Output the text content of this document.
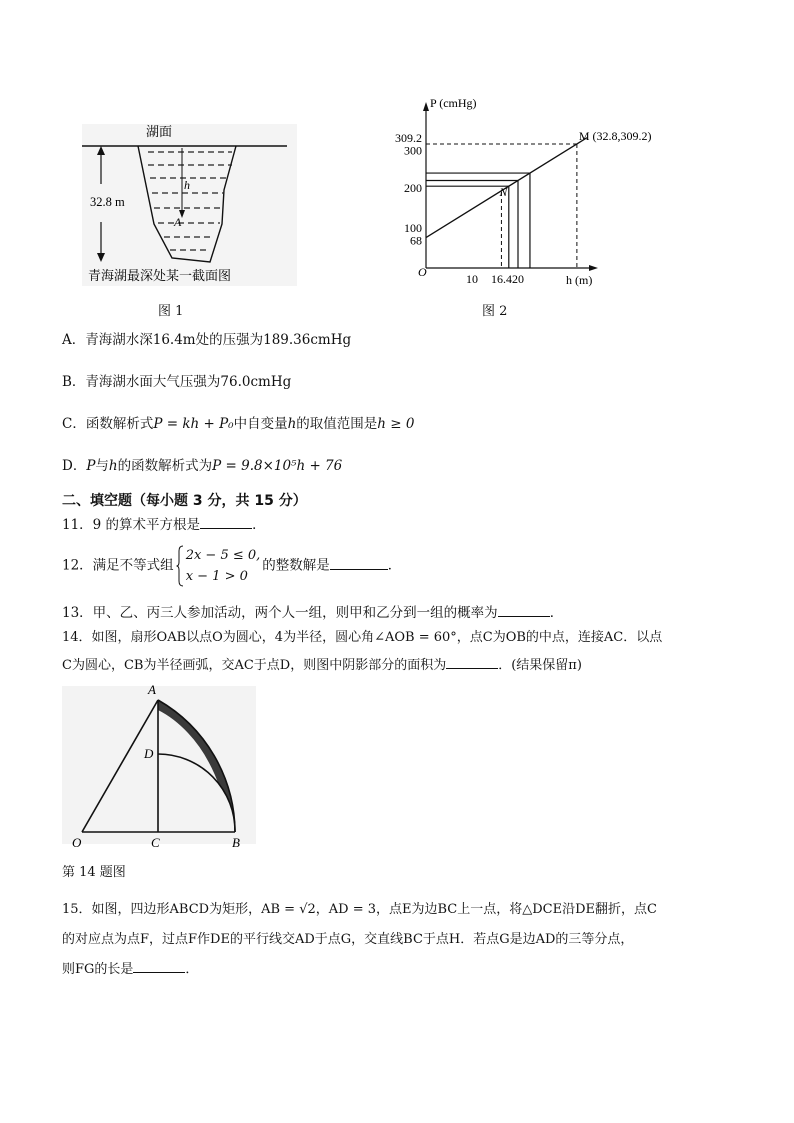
湖面
32.8 m
h
A
青海湖最深处某一截面图
图 1
68
100
200
300
309.2
10 16.4 20
M (32.8,309.2)
N
P (cmHg)
h (m)
O
图 2
A．青海湖水深16.4m处的压强为189.36cmHg
B．青海湖水面大气压强为76.0cmHg
C．函数解析式P = kh + P₀中自变量h的取值范围是h ≥ 0
D．P与h的函数解析式为P = 9.8×10⁵h + 76
二、填空题（每小题 3 分，共 15 分）
11．9 的算术平方根是	．
12．满足不等式组
2x − 5 ≤ 0,
x − 1 > 0的整数解是	．
13．甲、乙、丙三人参加活动，两个人一组，则甲和乙分到一组的概率为	．
14．如图，扇形OAB以点O为圆心，4为半径，圆心角∠AOB = 60°，点C为OB的中点，连接AC．以点
C为圆心，CB为半径画弧，交AC于点D，则图中阴影部分的面积为	．(结果保留π)
A
D
O	C	B
第 14 题图
15．如图，四边形ABCD为矩形，AB = √2，AD = 3，点E为边BC上一点，将△DCE沿DE翻折，点C
的对应点为点F，过点F作DE的平行线交AD于点G，交直线BC于点H．若点G是边AD的三等分点，
则FG的长是	．
